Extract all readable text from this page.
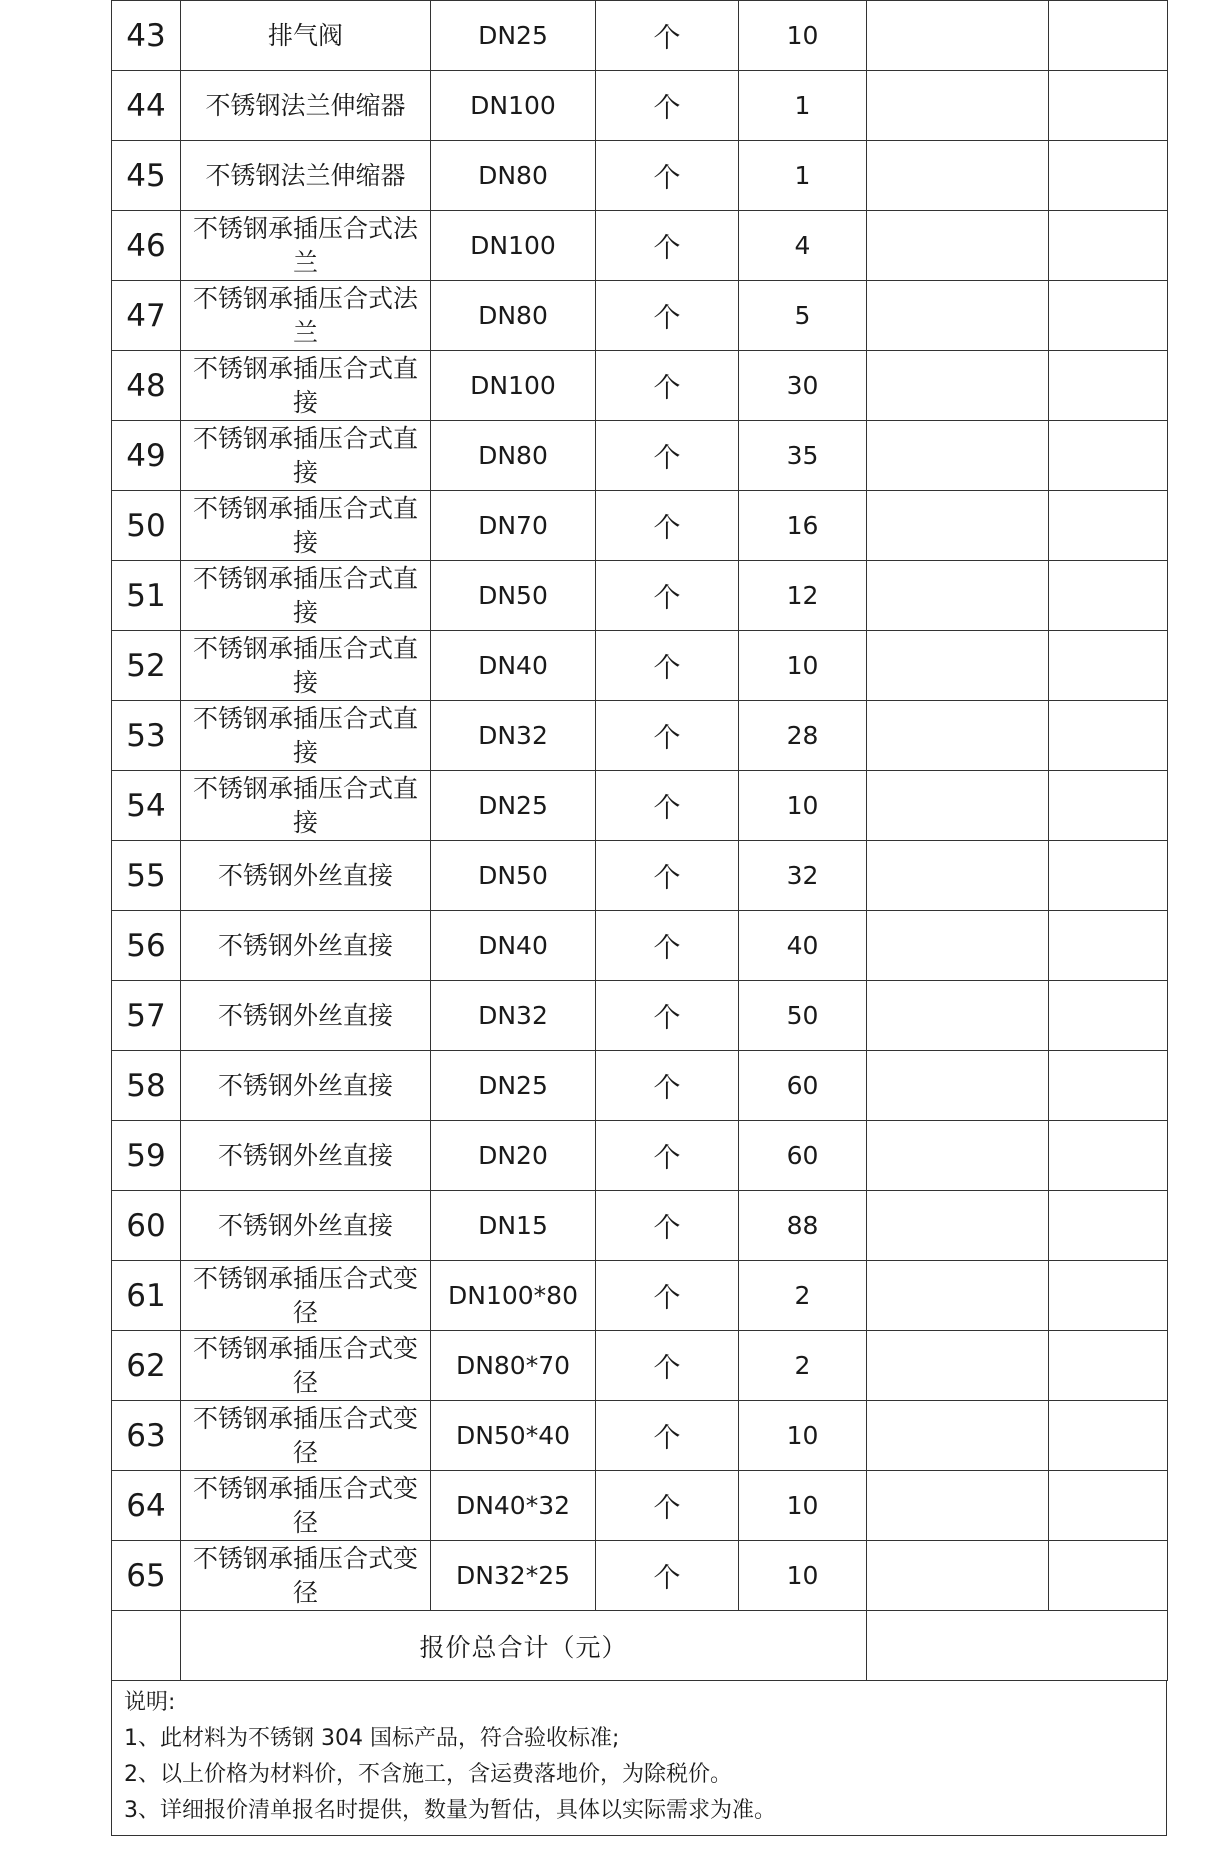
43	排气阀	DN25	个	10		
44	不锈钢法兰伸缩器	DN100	个	1		
45	不锈钢法兰伸缩器	DN80	个	1		
46	不锈钢承插压合式法兰	DN100	个	4		
47	不锈钢承插压合式法兰	DN80	个	5		
48	不锈钢承插压合式直接	DN100	个	30		
49	不锈钢承插压合式直接	DN80	个	35		
50	不锈钢承插压合式直接	DN70	个	16		
51	不锈钢承插压合式直接	DN50	个	12		
52	不锈钢承插压合式直接	DN40	个	10		
53	不锈钢承插压合式直接	DN32	个	28		
54	不锈钢承插压合式直接	DN25	个	10		
55	不锈钢外丝直接	DN50	个	32		
56	不锈钢外丝直接	DN40	个	40		
57	不锈钢外丝直接	DN32	个	50		
58	不锈钢外丝直接	DN25	个	60		
59	不锈钢外丝直接	DN20	个	60		
60	不锈钢外丝直接	DN15	个	88		
61	不锈钢承插压合式变径	DN100*80	个	2		
62	不锈钢承插压合式变径	DN80*70	个	2		
63	不锈钢承插压合式变径	DN50*40	个	10		
64	不锈钢承插压合式变径	DN40*32	个	10		
65	不锈钢承插压合式变径	DN32*25	个	10		
	报价总合计（元）					
说明:
1、此材料为不锈钢 304 国标产品，符合验收标准;
2、以上价格为材料价，不含施工，含运费落地价，为除税价。
3、详细报价清单报名时提供，数量为暂估，具体以实际需求为准。
